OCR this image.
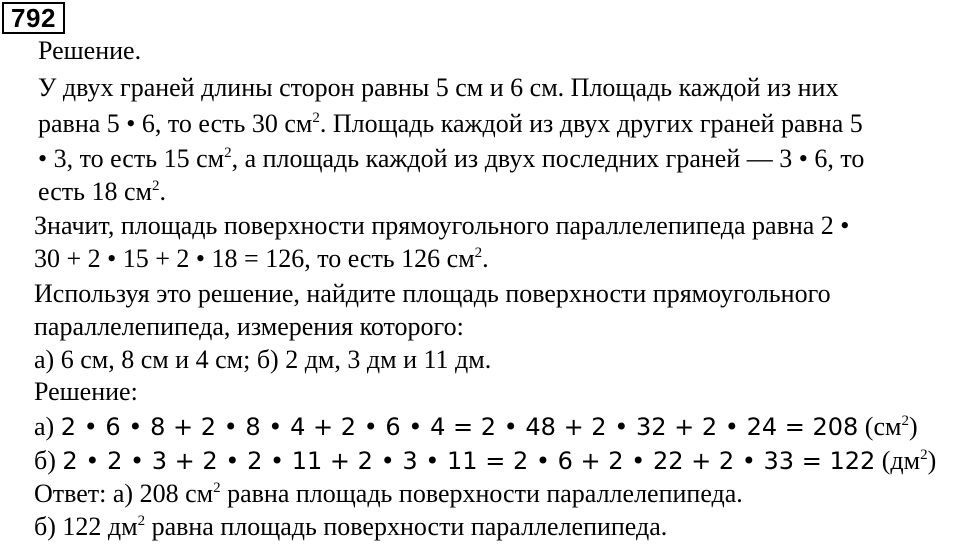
792
Решение.
У двух граней длины сторон равны 5 см и 6 см. Площадь каждой из них
равна 5 • 6, то есть 30 $см^2$. Площадь каждой из двух других граней равна 5
• 3, то есть 15 $см^2$, а площадь каждой из двух последних граней — 3 • 6, то
есть 18 $см^2$.
Значит, площадь поверхности прямоугольного параллелепипеда равна 2 •
30 + 2 • 15 + 2 • 18 = 126, то есть 126 $см^2$.
Используя это решение, найдите площадь поверхности прямоугольного
параллелепипеда, измерения которого:
а) 6 см, 8 см и 4 см; б) 2 дм, 3 дм и 11 дм.
Решение:
а) 2 • 6 • 8 + 2 • 8 • 4 + 2 • 6 • 4 = 2 • 48 + 2 • 32 + 2 • 24 = 208 $(см^2)$
б) 2 • 2 • 3 + 2 • 2 • 11 + 2 • 3 • 11 = 2 • 6 + 2 • 22 + 2 • 33 = 122 $(дм^2)$
Ответ: а) 208 $см^2$ равна площадь поверхности параллелепипеда.
б) 122 $дм^2$ равна площадь поверхности параллелепипеда.
